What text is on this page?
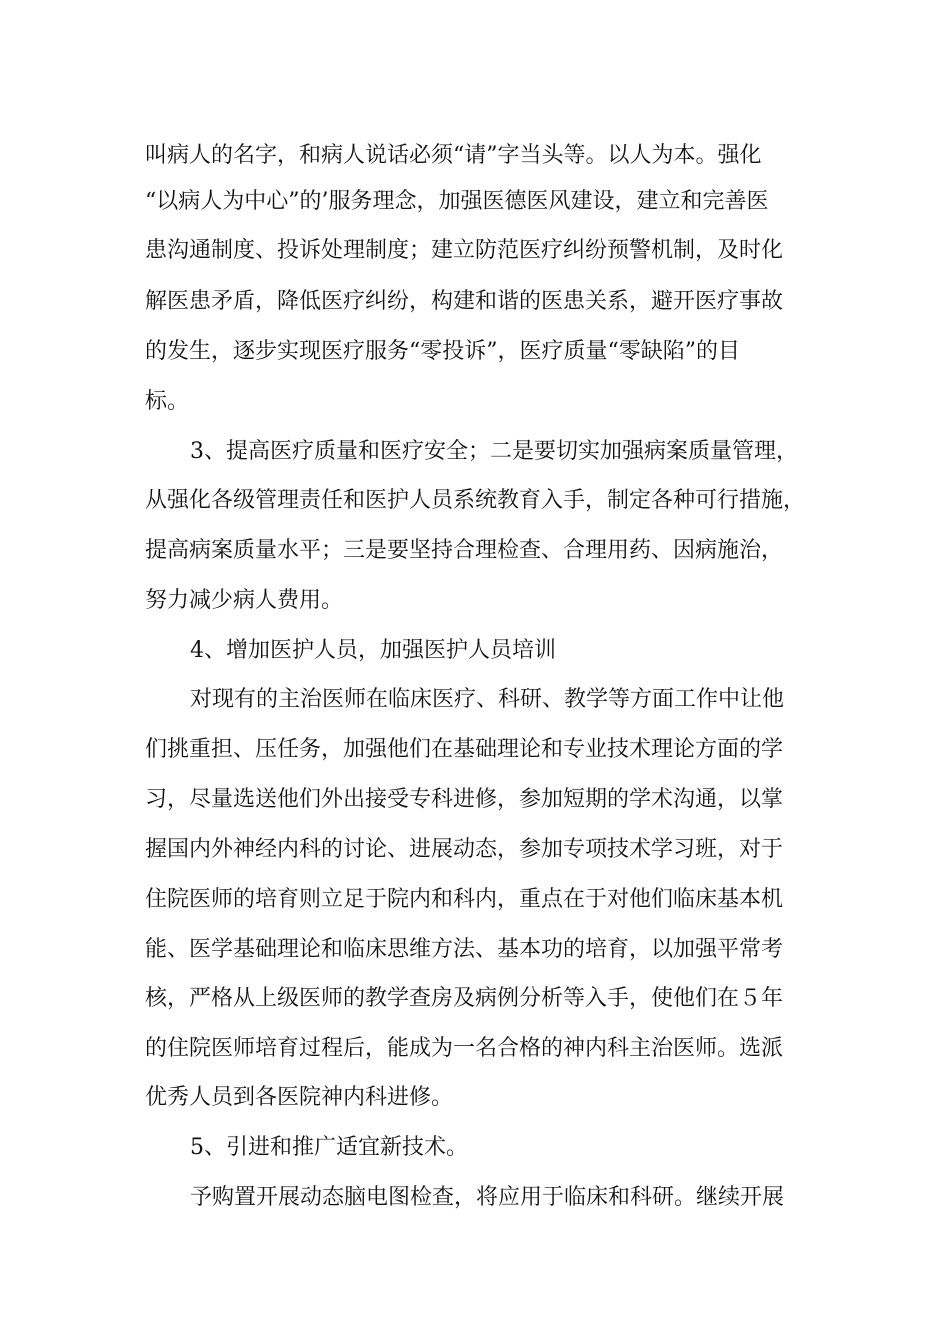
叫病人的名字，和病人说话必须“请”字当头等。以人为本。强化
“以病人为中心”的’服务理念，加强医德医风建设，建立和完善医
患沟通制度、投诉处理制度；建立防范医疗纠纷预警机制，及时化
解医患矛盾，降低医疗纠纷，构建和谐的医患关系，避开医疗事故
的发生，逐步实现医疗服务“零投诉”，医疗质量“零缺陷”的目
标。
3、提高医疗质量和医疗安全；二是要切实加强病案质量管理，
从强化各级管理责任和医护人员系统教育入手，制定各种可行措施，
提高病案质量水平；三是要坚持合理检查、合理用药、因病施治，
努力减少病人费用。
4、增加医护人员，加强医护人员培训
对现有的主治医师在临床医疗、科研、教学等方面工作中让他
们挑重担、压任务，加强他们在基础理论和专业技术理论方面的学
习，尽量选送他们外出接受专科进修，参加短期的学术沟通，以掌
握国内外神经内科的讨论、进展动态，参加专项技术学习班，对于
住院医师的培育则立足于院内和科内，重点在于对他们临床基本机
能、医学基础理论和临床思维方法、基本功的培育，以加强平常考
核，严格从上级医师的教学查房及病例分析等入手，使他们在５年
的住院医师培育过程后，能成为一名合格的神内科主治医师。选派
优秀人员到各医院神内科进修。
5、引进和推广适宜新技术。
予购置开展动态脑电图检查，将应用于临床和科研。继续开展
